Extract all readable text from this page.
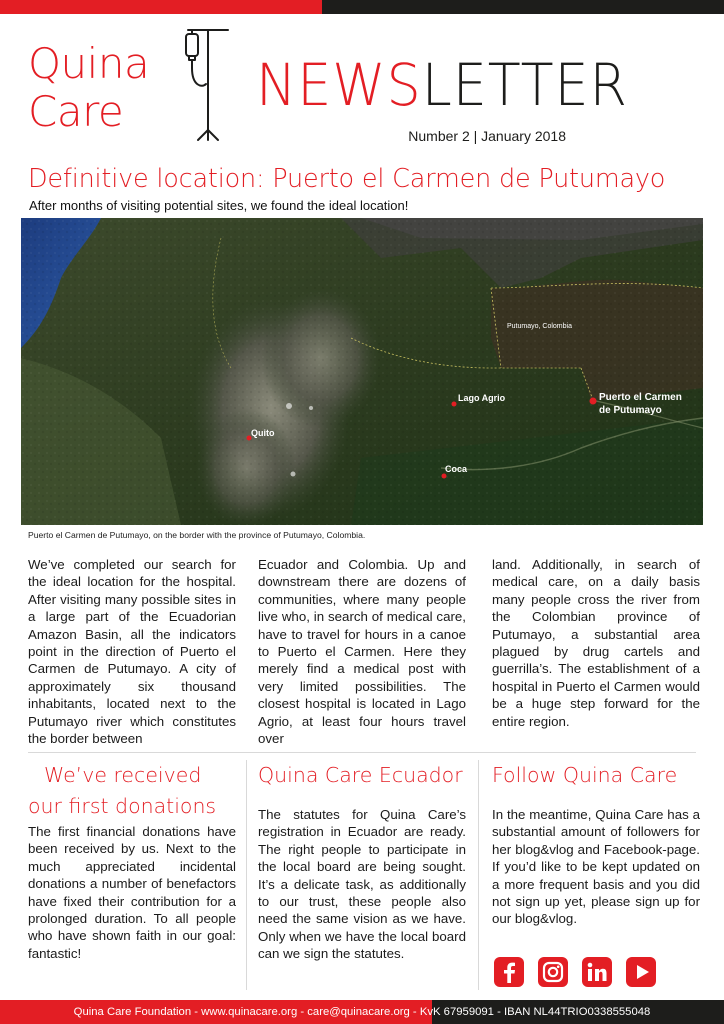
Quina
Care	NEWSLETTER
Number 2 | January 2018
Definitive location: Puerto el Carmen de Putumayo
After months of visiting potential sites, we found the ideal location!
Putumayo, Colombia
Quito
Lago Agrio
Coca
Puerto el Carmen
de Putumayo
Puerto el Carmen de Putumayo, on the border with the province of Putumayo, Colombia.
We’ve completed our search for the ideal location for the hospital. After visiting many possible sites in a large part of the Ecuadorian Amazon Basin, all the indicators point in the direction of Puerto el Carmen de Putumayo. A city of approximately six thousand inhabitants, located next to the Putumayo river which constitutes the border between
Ecuador and Colombia. Up and downstream there are dozens of communities, where many people live who, in search of medical care, have to travel for hours in a canoe to Puerto el Carmen. Here they merely find a medical post with very limited possibilities. The closest hospital is located in Lago Agrio, at least four hours travel over
land. Additionally, in search of medical care, on a daily basis many people cross the river from the Colombian province of Putumayo, a substantial area plagued by drug cartels and guerrilla’s. The establishment of a hospital in Puerto el Carmen would be a huge step forward for the entire region.
We’ve received
our first donations
The first financial donations have been received by us. Next to the much appreciated incidental donations a number of benefactors have fixed their contribution for a prolonged duration. To all people who have shown faith in our goal: fantastic!
Quina Care Ecuador
The statutes for Quina Care’s registration in Ecuador are ready. The right people to participate in the local board are being sought. It’s a delicate task, as additionally to our trust, these people also need the same vision as we have. Only when we have the local board can we sign the statutes.
Follow Quina Care
In the meantime, Quina Care has a substantial amount of followers for her blog&vlog and Facebook-page. If you’d like to be kept updated on a more frequent basis and you did not sign up yet, please sign up for our blog&vlog.
Quina Care Foundation - www.quinacare.org - care@quinacare.org - KvK 67959091 - IBAN NL44TRIO0338555048
